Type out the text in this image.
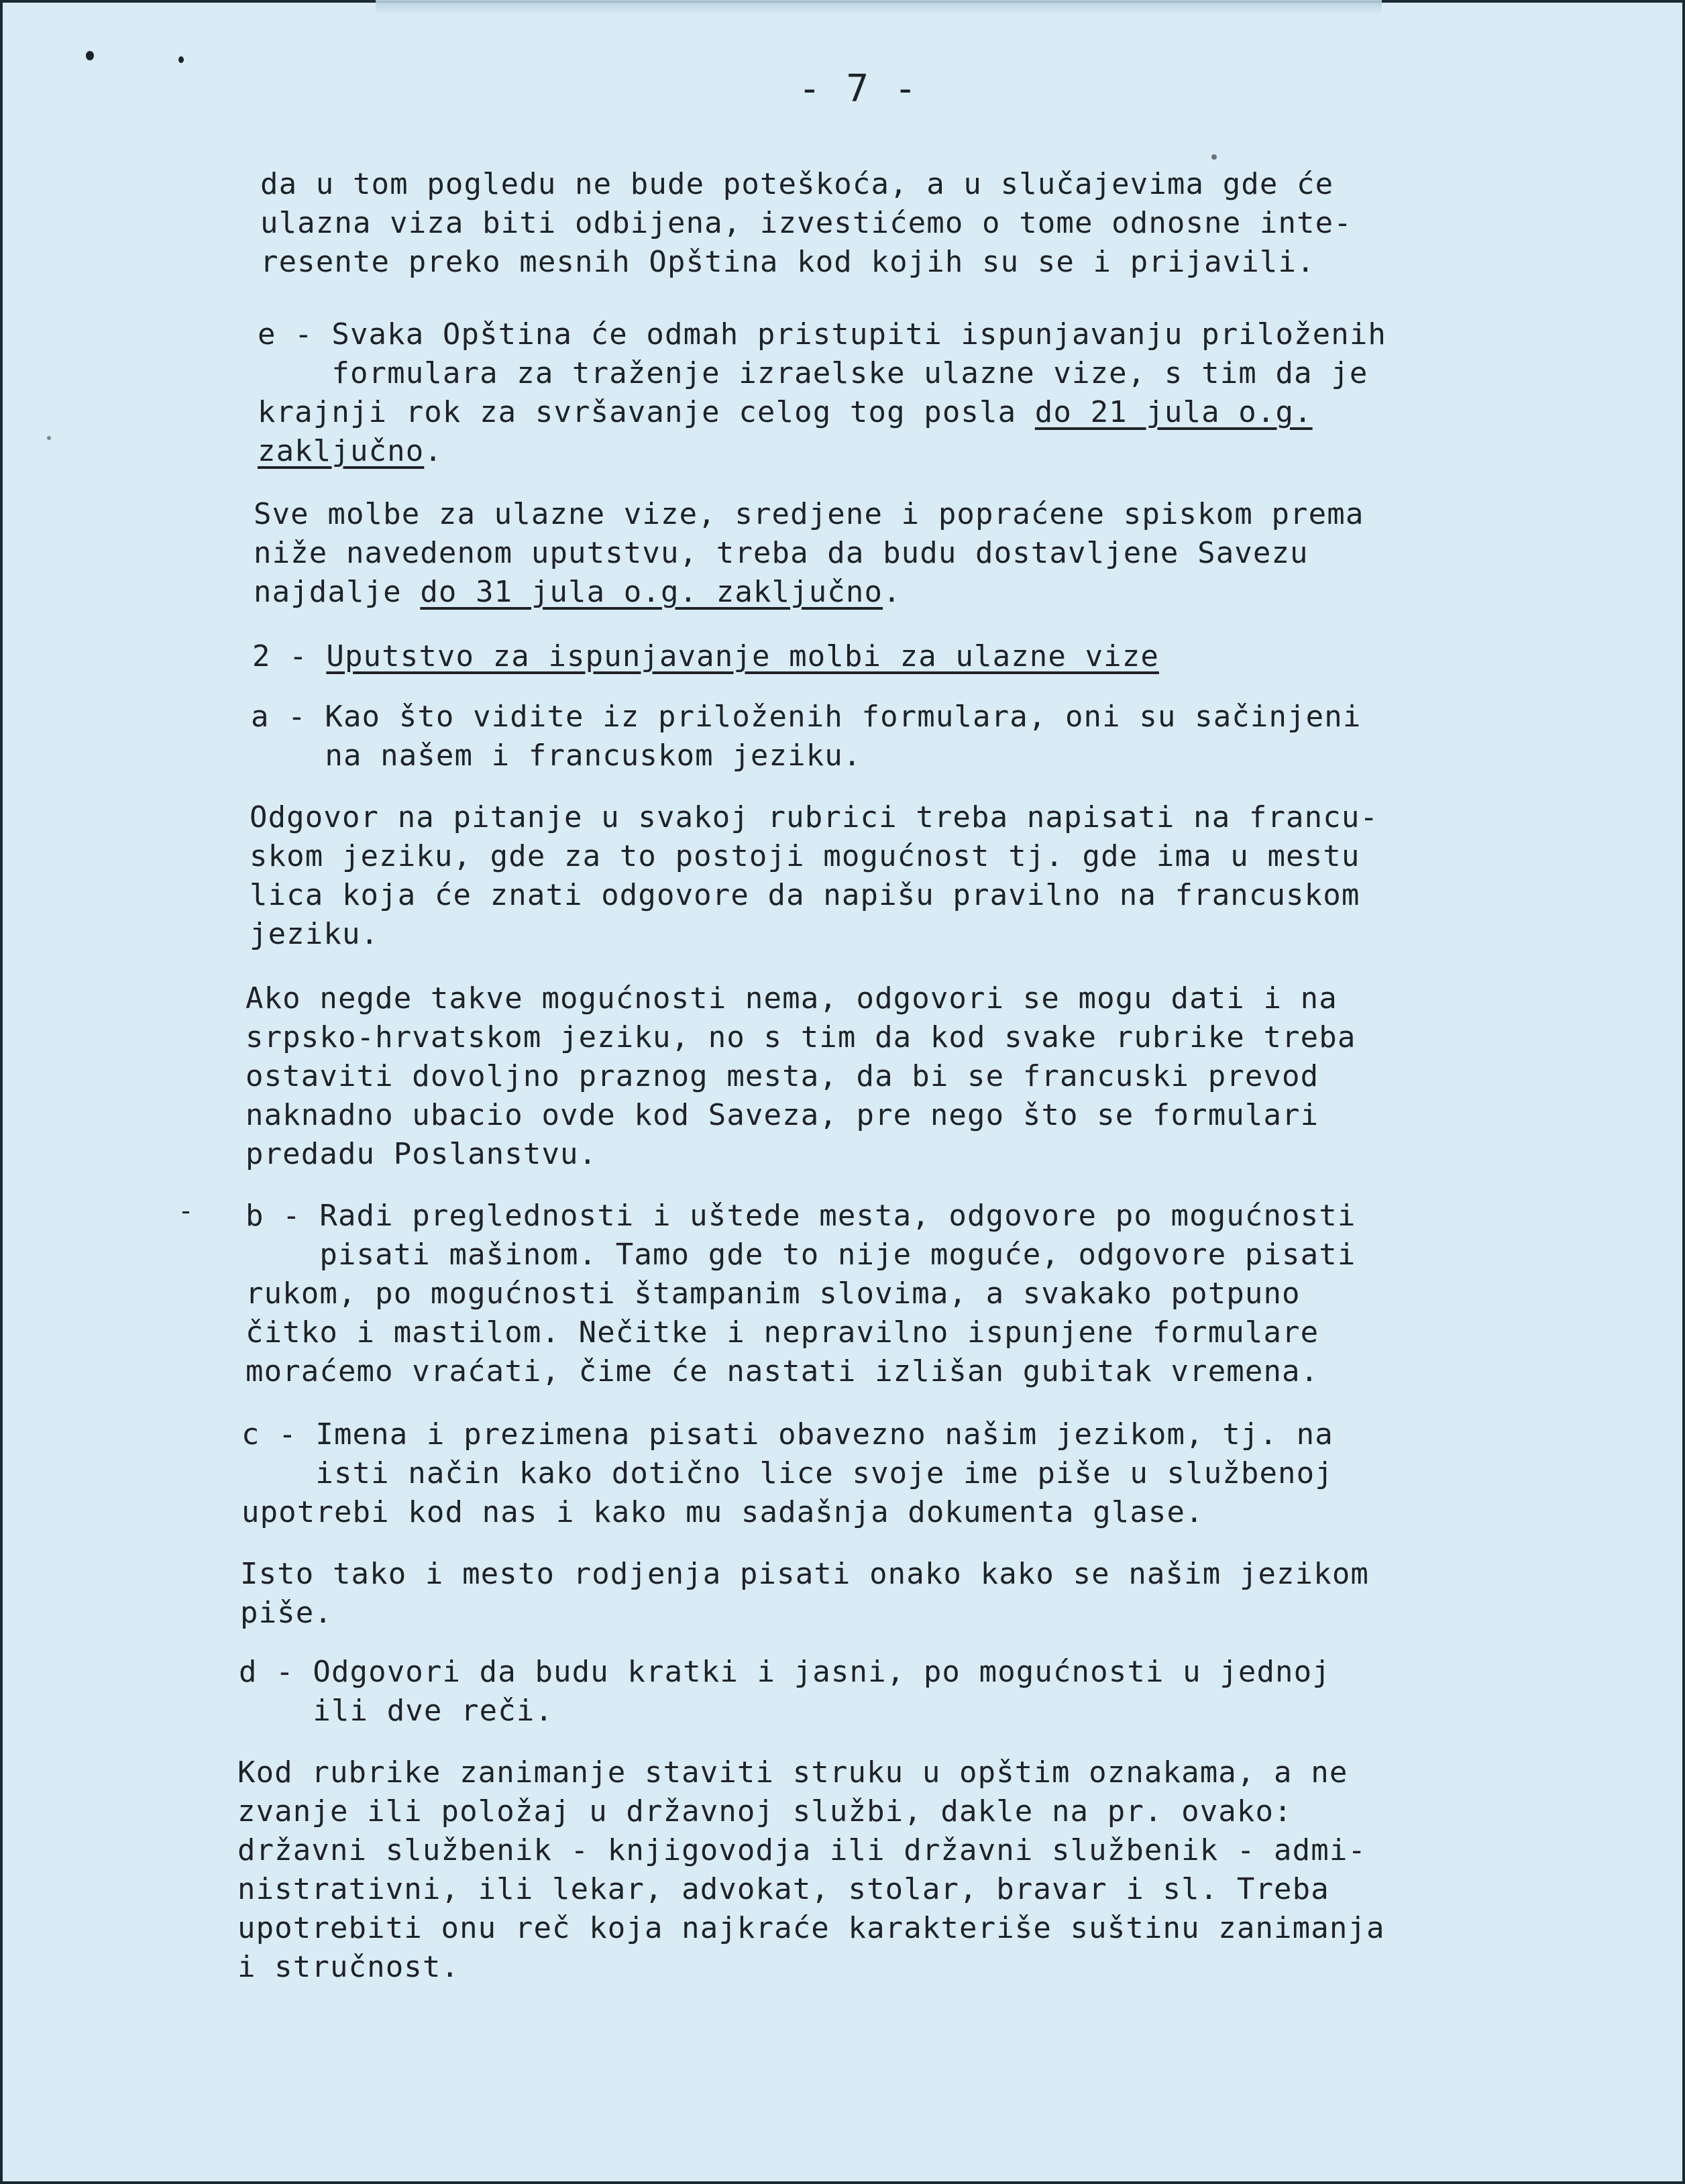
- 7 -
da u tom pogledu ne bude poteškoća, a u slučajevima gde će
ulazna viza biti odbijena, izvestićemo o tome odnosne inte-
resente preko mesnih Opština kod kojih su se i prijavili.
e - Svaka Opština će odmah pristupiti ispunjavanju priloženih
formulara za traženje izraelske ulazne vize, s tim da je
krajnji rok za svršavanje celog tog posla do 21 jula o.g.
zaključno.
Sve molbe za ulazne vize, sredjene i popraćene spiskom prema
niže navedenom uputstvu, treba da budu dostavljene Savezu
najdalje do 31 jula o.g. zaključno.
2 - Uputstvo za ispunjavanje molbi za ulazne vize
a - Kao što vidite iz priloženih formulara, oni su sačinjeni
na našem i francuskom jeziku.
Odgovor na pitanje u svakoj rubrici treba napisati na francu-
skom jeziku, gde za to postoji mogućnost tj. gde ima u mestu
lica koja će znati odgovore da napišu pravilno na francuskom
jeziku.
Ako negde takve mogućnosti nema, odgovori se mogu dati i na
srpsko-hrvatskom jeziku, no s tim da kod svake rubrike treba
ostaviti dovoljno praznog mesta, da bi se francuski prevod
naknadno ubacio ovde kod Saveza, pre nego što se formulari
predadu Poslanstvu.
b - Radi preglednosti i uštede mesta, odgovore po mogućnosti
pisati mašinom. Tamo gde to nije moguće, odgovore pisati
rukom, po mogućnosti štampanim slovima, a svakako potpuno
čitko i mastilom. Nečitke i nepravilno ispunjene formulare
moraćemo vraćati, čime će nastati izlišan gubitak vremena.
c - Imena i prezimena pisati obavezno našim jezikom, tj. na
isti način kako dotično lice svoje ime piše u službenoj
upotrebi kod nas i kako mu sadašnja dokumenta glase.
Isto tako i mesto rodjenja pisati onako kako se našim jezikom
piše.
d - Odgovori da budu kratki i jasni, po mogućnosti u jednoj
ili dve reči.
Kod rubrike zanimanje staviti struku u opštim oznakama, a ne
zvanje ili položaj u državnoj službi, dakle na pr. ovako:
državni službenik - knjigovodja ili državni službenik - admi-
nistrativni, ili lekar, advokat, stolar, bravar i sl. Treba
upotrebiti onu reč koja najkraće karakteriše suštinu zanimanja
i stručnost.
